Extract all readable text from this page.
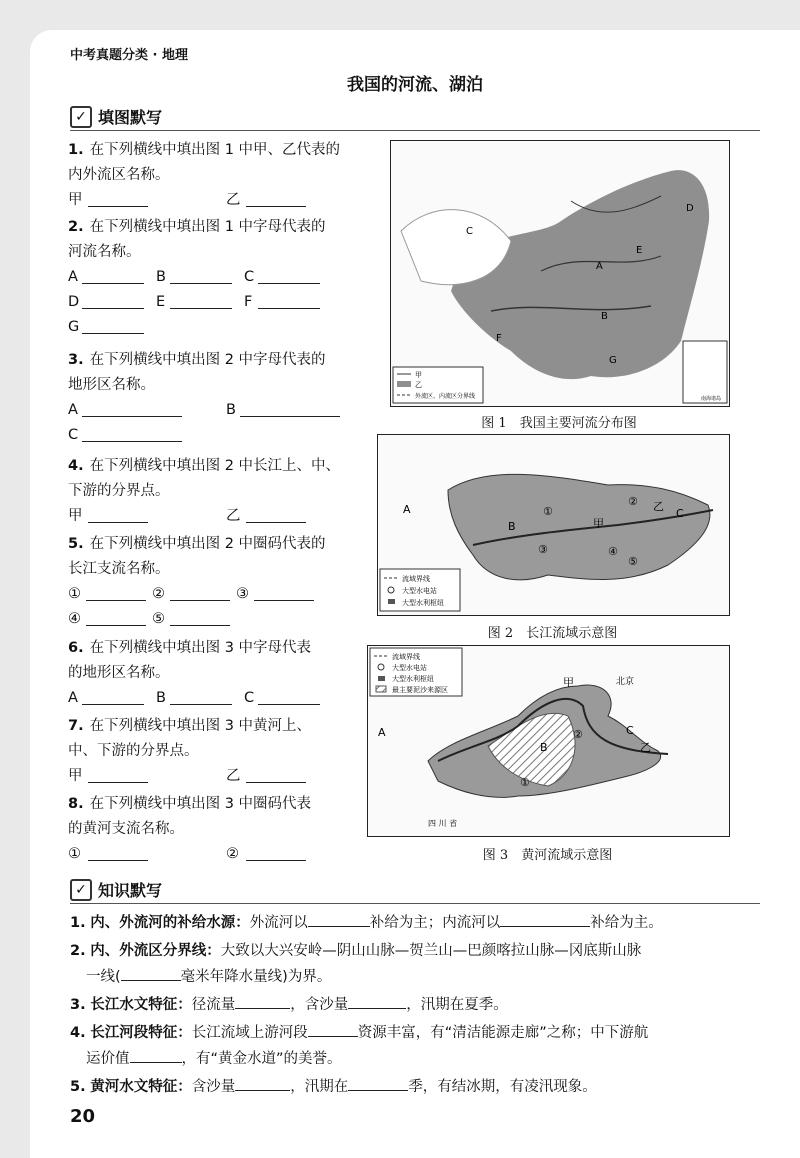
中考真题分类 · 地理
我国的河流、湖泊
✓ 填图默写
1. 在下列横线中填出图 1 中甲、乙代表的
内外流区名称。
甲	乙
2. 在下列横线中填出图 1 中字母代表的
河流名称。
A	B	C
D	E	F
G
3. 在下列横线中填出图 2 中字母代表的
地形区名称。
A	B
C
4. 在下列横线中填出图 2 中长江上、中、
下游的分界点。
甲	乙
5. 在下列横线中填出图 2 中圈码代表的
长江支流名称。
①	②	③
④	⑤
6. 在下列横线中填出图 3 中字母代表
的地形区名称。
A	B	C
7. 在下列横线中填出图 3 中黄河上、
中、下游的分界点。
甲	乙
8. 在下列横线中填出图 3 中圈码代表
的黄河支流名称。
①	②
甲
乙
外流区、内流区分界线	南海诸岛
A
B
C
D
E
F
G
图 1　我国主要河流分布图
流域界线
大型水电站
大型水利枢纽
A
B
C
甲
乙
①
②
③	④
⑤
图 2　长江流域示意图
流域界线
大型水电站
大型水利枢纽
最主要泥沙来源区
A
B
C
甲
乙
①
②
北京
四 川 省
图 3　黄河流域示意图
✓ 知识默写
1. 内、外流河的补给水源：外流河以	补给为主；内流河以	补给为主。
2. 内、外流区分界线：大致以大兴安岭—阴山山脉—贺兰山—巴颜喀拉山脉—冈底斯山脉
一线(	毫米年降水量线)为界。
3. 长江水文特征：径流量	，含沙量	，汛期在夏季。
4. 长江河段特征：长江流域上游河段	资源丰富，有“清洁能源走廊”之称；中下游航
运价值	，有“黄金水道”的美誉。
5. 黄河水文特征：含沙量	，汛期在	季，有结冰期，有凌汛现象。
20
